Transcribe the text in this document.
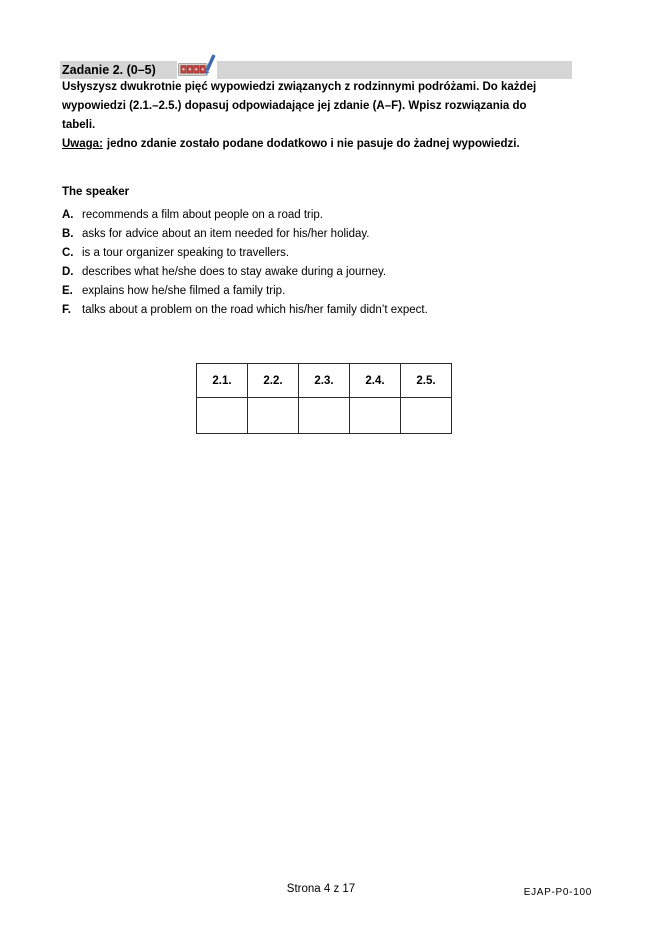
Zadanie 2. (0–5)
Usłyszysz dwukrotnie pięć wypowiedzi związanych z rodzinnymi podróżami. Do każdej
wypowiedzi (2.1.–2.5.) dopasuj odpowiadające jej zdanie (A–F). Wpisz rozwiązania do
tabeli.
Uwaga: jedno zdanie zostało podane dodatkowo i nie pasuje do żadnej wypowiedzi.
The speaker
A. recommends a film about people on a road trip.
B. asks for advice about an item needed for his/her holiday.
C. is a tour organizer speaking to travellers.
D. describes what he/she does to stay awake during a journey.
E. explains how he/she filmed a family trip.
F. talks about a problem on the road which his/her family didn’t expect.
2.1.	2.2.	2.3.	2.4.	2.5.

Strona 4 z 17	EJAP-P0-100
